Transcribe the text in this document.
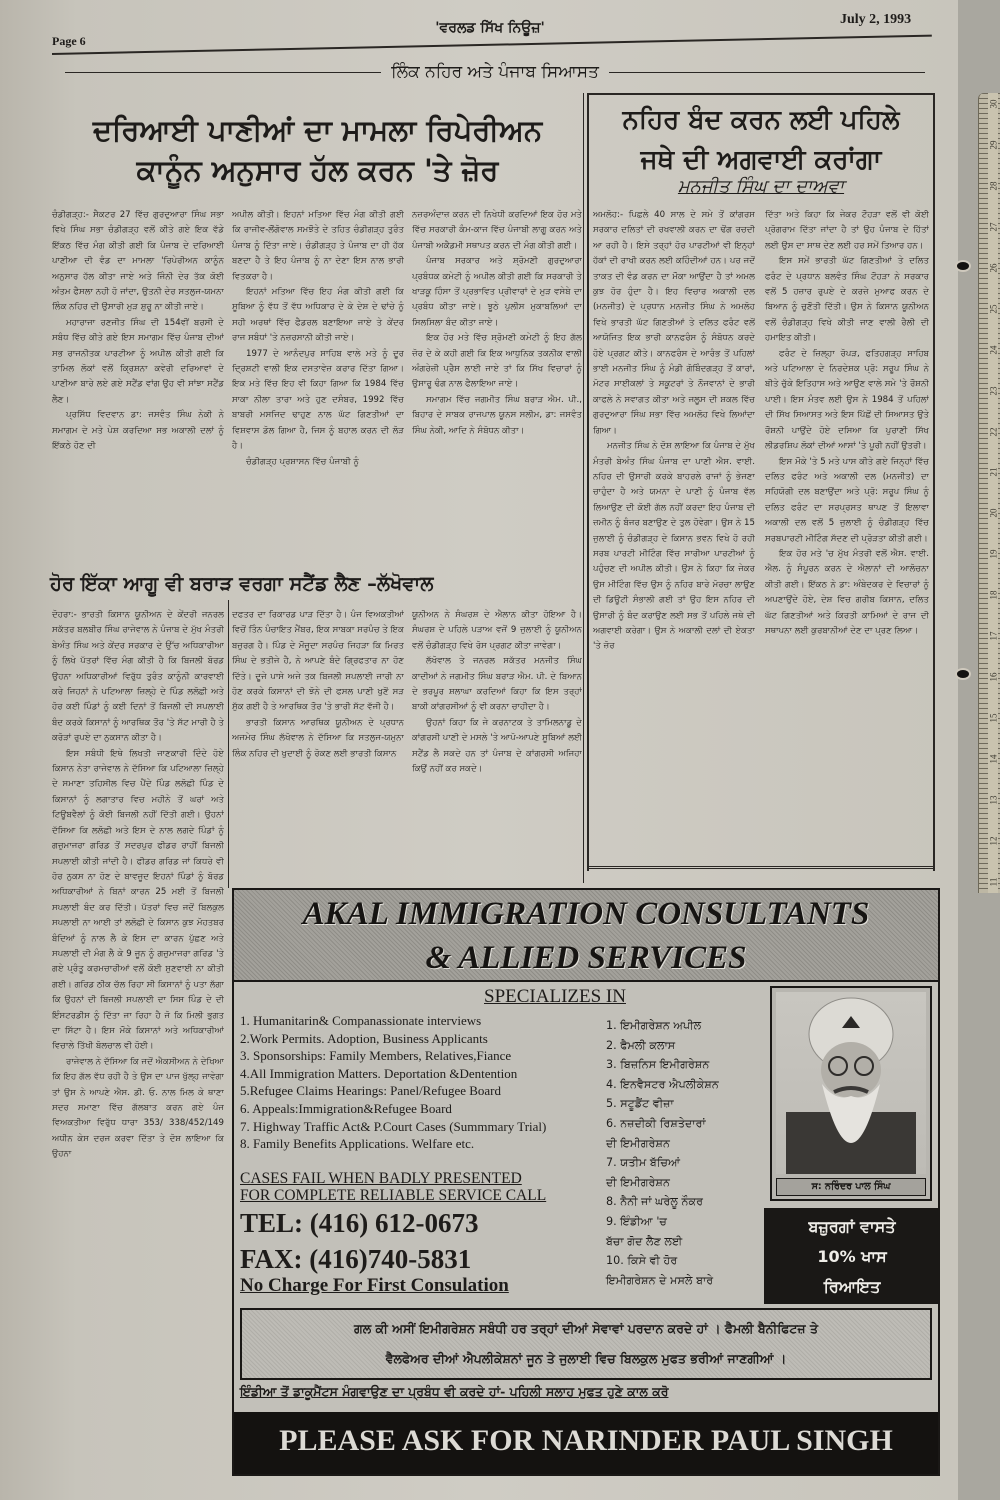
30
29
28
27
26
25
24
23
22
21
20
19
18
17
16
15
14
13
12
11
Page 6
'ਵਰਲਡ ਸਿੱਖ ਨਿਊਜ਼'
July 2, 1993
ਲਿੰਕ ਨਹਿਰ ਅਤੇ ਪੰਜਾਬ ਸਿਆਸਤ
ਦਰਿਆਈ ਪਾਣੀਆਂ ਦਾ ਮਾਮਲਾ ਰਿਪੇਰੀਅਨ
ਕਾਨੂੰਨ ਅਨੁਸਾਰ ਹੱਲ ਕਰਨ 'ਤੇ ਜ਼ੋਰ

ਚੰਡੀਗੜ੍ਹ:- ਸੈਕਟਰ 27 ਵਿੱਚ ਗੁਰਦੁਆਰਾ ਸਿੰਘ ਸਭਾ ਵਿਖੇ ਸਿੰਘ ਸਭਾ ਚੰਡੀਗੜ੍ਹ ਵਲੋਂ ਕੀਤੇ ਗਏ ਇਕ ਵੱਡੇ ਇੱਕਠ ਵਿੱਚ ਮੰਗ ਕੀਤੀ ਗਈ ਕਿ ਪੰਜਾਬ ਦੇ ਦਰਿਆਈ ਪਾਣੀਆ ਦੀ ਵੰਡ ਦਾ ਮਾਮਲਾ 'ਰਿਪੇਰੀਅਨ ਕਾਨੂੰਨ ਅਨੁਸਾਰ ਹੱਲ ਕੀਤਾ ਜਾਏ ਅਤੇ ਜਿੰਨੀ ਦੇਰ ਤੱਕ ਕੋਈ ਅੰਤਮ ਫੈਸਲਾ ਨਹੀ ਹੋ ਜਾਂਦਾ, ਉਤਨੀ ਦੇਰ ਸਤਲੁਜ-ਯਮਨਾ ਲਿੰਕ ਨਹਿਰ ਦੀ ਉਸਾਰੀ ਮੁੜ ਸ਼ੁਰੂ ਨਾ ਕੀਤੀ ਜਾਏ।

ਮਹਾਰਾਜਾ ਰਣਜੀਤ ਸਿੰਘ ਦੀ 154ਵੀਂ ਬਰਸੀ ਦੇ ਸਬੰਧ ਵਿੱਚ ਕੀਤੇ ਗਏ ਇਸ ਸਮਾਗਮ ਵਿੱਚ ਪੰਜਾਬ ਦੀਆਂ ਸਭ ਰਾਜਨੀਤਕ ਪਾਰਟੀਆ ਨੂੰ ਅਪੀਲ ਕੀਤੀ ਗਈ ਕਿ ਤਾਮਿਲ ਲੋਕਾਂ ਵਲੋਂ ਕ੍ਰਿਸ਼ਨਾ ਕਵੇਰੀ ਦਰਿਆਵਾਂ ਦੇ ਪਾਣੀਆ ਬਾਰੇ ਲਏ ਗਏ ਸਟੈਂਡ ਵਾਂਗ ਉਹ ਵੀ ਸਾਂਝਾ ਸਟੈਂਡ ਲੈਣ।

ਪ੍ਰਸਿੱਧ ਵਿਦਵਾਨ ਡਾ: ਜਸਵੰਤ ਸਿੰਘ ਨੇਕੀ ਨੇ ਸਮਾਗਮ ਦੇ ਮਤੇ ਪੇਸ਼ ਕਰਦਿਆ ਸਭ ਅਕਾਲੀ ਦਲਾਂ ਨੂੰ ਇੱਕਠੇ ਹੋਣ ਦੀ

ਅਪੀਲ ਕੀਤੀ। ਇਹਨਾਂ ਮਤਿਆ ਵਿੱਚ ਮੰਗ ਕੀਤੀ ਗਈ ਕਿ ਰਾਜੀਵ-ਲੌਂਗੋਵਾਲ ਸਮਝੌਤੇ ਦੇ ਤਹਿਤ ਚੰਡੀਗੜ੍ਹ ਤੁਰੰਤ ਪੰਜਾਬ ਨੂੰ ਦਿੱਤਾ ਜਾਏ। ਚੰਡੀਗੜ੍ਹ ਤੇ ਪੰਜਾਬ ਦਾ ਹੀ ਹੱਕ ਬਣਦਾ ਹੈ ਤੇ ਇਹ ਪੰਜਾਬ ਨੂੰ ਨਾ ਦੇਣਾ ਇਸ ਨਾਲ ਭਾਰੀ ਵਿਤਕਰਾ ਹੈ।

ਇਹਨਾਂ ਮਤਿਆ ਵਿੱਚ ਇਹ ਮੰਗ ਕੀਤੀ ਗਈ ਕਿ ਸੂਬਿਆ ਨੂੰ ਵੱਧ ਤੋਂ ਵੱਧ ਅਧਿਕਾਰ ਦੇ ਕੇ ਦੇਸ਼ ਦੇ ਢਾਂਚੇ ਨੂੰ ਸਹੀ ਅਰਥਾਂ ਵਿੱਚ ਫੈਡਰਲ ਬਣਾਇਆ ਜਾਏ ਤੇ ਕੇਂਦਰ ਰਾਜ ਸਬੰਧਾਂ 'ਤੇ ਨਜ਼ਰਸਾਨੀ ਕੀਤੀ ਜਾਏ।

1977 ਦੇ ਆਨੰਦਪੁਰ ਸਾਹਿਬ ਵਾਲੇ ਮਤੇ ਨੂੰ ਦੂਰ ਦ੍ਰਿਸ਼ਟੀ ਵਾਲੀ ਇਕ ਦਸਤਾਵੇਜ਼ ਕਰਾਰ ਦਿੱਤਾ ਗਿਆ। ਇਕ ਮਤੇ ਵਿੱਚ ਇਹ ਵੀ ਕਿਹਾ ਗਿਆ ਕਿ 1984 ਵਿੱਚ ਸਾਕਾ ਨੀਲਾ ਤਾਰਾ ਅਤੇ ਹੁਣ ਦਸੰਬਰ, 1992 ਵਿੱਚ ਬਾਬਰੀ ਮਸਜਿਦ ਢਾਹੁਣ ਨਾਲ ਘੱਟ ਗਿਣਤੀਆਂ ਦਾ ਵਿਸ਼ਵਾਸ ਡੋਲ ਗਿਆ ਹੈ, ਜਿਸ ਨੂੰ ਬਹਾਲ ਕਰਨ ਦੀ ਲੋੜ ਹੈ।

ਚੰਡੀਗੜ੍ਹ ਪ੍ਰਸ਼ਾਸਨ ਵਿੱਚ ਪੰਜਾਬੀ ਨੂੰ

ਨਜ਼ਰਅੰਦਾਜ਼ ਕਰਨ ਦੀ ਨਿਖੇਧੀ ਕਰਦਿਆਂ ਇਕ ਹੋਰ ਮਤੇ ਵਿੱਚ ਸਰਕਾਰੀ ਕੰਮ-ਕਾਜ ਵਿੱਚ ਪੰਜਾਬੀ ਲਾਗੂ ਕਰਨ ਅਤੇ ਪੰਜਾਬੀ ਅਕੈਡਮੀ ਸਥਾਪਤ ਕਰਨ ਦੀ ਮੰਗ ਕੀਤੀ ਗਈ।

ਪੰਜਾਬ ਸਰਕਾਰ ਅਤੇ ਸ਼੍ਰੋਮਣੀ ਗੁਰਦੁਆਰਾ ਪ੍ਰਬੰਧਕ ਕਮੇਟੀ ਨੂੰ ਅਪੀਲ ਕੀਤੀ ਗਈ ਕਿ ਸਰਕਾਰੀ ਤੇ ਖਾੜਕੂ ਹਿੰਸਾ ਤੋਂ ਪ੍ਰਭਾਵਿਤ ਪ੍ਰੀਵਾਰਾਂ ਦੇ ਮੁੜ ਵਸੇਬੇ ਦਾ ਪ੍ਰਬੰਧ ਕੀਤਾ ਜਾਏ। ਝੂਠੇ ਪੁਲੀਸ ਮੁਕਾਬਲਿਆਂ ਦਾ ਸਿਲਸਿਲਾ ਬੰਦ ਕੀਤਾ ਜਾਏ।

ਇਕ ਹੋਰ ਮਤੇ ਵਿੱਚ ਸ਼੍ਰੋਮਣੀ ਕਮੇਟੀ ਨੂੰ ਇਹ ਗੱਲ ਜ਼ੋਰ ਦੇ ਕੇ ਕਹੀ ਗਈ ਕਿ ਇਕ ਆਧੁਨਿਕ ਤਕਨੀਕ ਵਾਲੀ ਅੰਗਰੇਜ਼ੀ ਪ੍ਰੈਸ ਲਾਈ ਜਾਏ ਤਾਂ ਕਿ ਸਿੱਖ ਵਿਚਾਰਾਂ ਨੂੰ ਉਸਾਰੂ ਢੰਗ ਨਾਲ ਫੈਲਾਇਆ ਜਾਏ।

ਸਮਾਗਮ ਵਿੱਚ ਜਗਮੀਤ ਸਿੰਘ ਬਰਾੜ ਐਮ. ਪੀ., ਬਿਹਾਰ ਦੇ ਸਾਬਕ ਰਾਜਪਾਲ ਯੂਨਸ ਸਲੀਮ, ਡਾ: ਜਸਵੰਤ ਸਿੰਘ ਨੇਕੀ, ਆਦਿ ਨੇ ਸੰਬੋਧਨ ਕੀਤਾ।

ਹੋਰ ਇੱਕਾ ਆਗੂ ਵੀ ਬਰਾੜ ਵਰਗਾ ਸਟੈਂਡ ਲੈਣ –ਲੱਖੋਵਾਲ

ਦੋਹਰਾ:- ਭਾਰਤੀ ਕਿਸਾਨ ਯੂਨੀਅਨ ਦੇ ਕੇਂਦਰੀ ਜਨਰਲ ਸਕੱਤਰ ਬਲਬੀਰ ਸਿੰਘ ਰਾਜੇਵਾਲ ਨੇ ਪੰਜਾਬ ਦੇ ਮੁੱਖ ਮੰਤਰੀ ਬੇਅੰਤ ਸਿੰਘ ਅਤੇ ਕੇਂਦਰ ਸਰਕਾਰ ਦੇ ਉੱਚ ਅਧਿਕਾਰੀਆ ਨੂੰ ਲਿਖੇ ਪੱਤਰਾਂ ਵਿੱਚ ਮੰਗ ਕੀਤੀ ਹੈ ਕਿ ਬਿਜਲੀ ਬੋਰਡ ਉਹਨਾ ਅਧਿਕਾਰੀਆਂ ਵਿਰੁੱਧ ਤੁਰੰਤ ਕਾਨੂੰਨੀ ਕਾਰਵਾਈ ਕਰੇ ਜਿਹਨਾਂ ਨੇ ਪਟਿਆਲਾ ਜ਼ਿਲ੍ਹੇ ਦੇ ਪਿੰਡ ਲਲੋਛੀ ਅਤੇ ਹੋਰ ਕਈ ਪਿੰਡਾਂ ਨੂੰ ਕਈ ਦਿਨਾਂ ਤੋਂ ਬਿਜਲੀ ਦੀ ਸਪਲਾਈ ਬੰਦ ਕਰਕੇ ਕਿਸਾਨਾਂ ਨੂੰ ਆਰਥਿਕ ਤੌਰ 'ਤੇ ਸੱਟ ਮਾਰੀ ਹੈ ਤੇ ਕਰੋੜਾਂ ਰੁਪਏ ਦਾ ਨੁਕਸਾਨ ਕੀਤਾ ਹੈ।

ਇਸ ਸਬੰਧੀ ਇਥੇ ਲਿਖਤੀ ਜਾਣਕਾਰੀ ਦਿੰਦੇ ਹੋਏ ਕਿਸਾਨ ਨੇਤਾ ਰਾਜੇਵਾਲ ਨੇ ਦੱਸਿਆ ਕਿ ਪਟਿਆਲਾ ਜ਼ਿਲ੍ਹੇ ਦੇ ਸਮਾਣਾ ਤਹਿਸੀਲ ਵਿਚ ਪੈਂਦੇ ਪਿੰਡ ਲਲੋਛੀ ਪਿੰਡ ਦੇ ਕਿਸਾਨਾਂ ਨੂੰ ਲਗਾਤਾਰ ਵਿਚ ਮਹੀਨੇ ਤੋਂ ਘਰਾਂ ਅਤੇ ਟਿਊਬਵੈਲਾਂ ਨੂੰ ਕੋਈ ਬਿਜਲੀ ਨਹੀਂ ਦਿੱਤੀ ਗਈ। ਉਹਨਾਂ ਦੱਸਿਆ ਕਿ ਲਲੋਛੀ ਅਤੇ ਇਸ ਦੇ ਨਾਲ ਲਗਦੇ ਪਿੰਡਾਂ ਨੂੰ ਗਜ਼ੁਮਾਜਰਾ ਗਰਿਡ ਤੋਂ ਸਦਰਪੁਰ ਫੀਡਰ ਰਾਹੀਂ ਬਿਜਲੀ ਸਪਲਾਈ ਕੀਤੀ ਜਾਂਦੀ ਹੈ। ਫੀਡਰ ਗਰਿਡ ਜਾਂ ਕਿਧਰੇ ਵੀ ਹੋਰ ਨੁਕਸ ਨਾ ਹੋਣ ਦੇ ਬਾਵਜੂਦ ਇਹਨਾਂ ਪਿੰਡਾਂ ਨੂੰ ਬੋਰਡ ਅਧਿਕਾਰੀਆਂ ਨੇ ਬਿਨਾਂ ਕਾਰਨ 25 ਮਈ ਤੋਂ ਬਿਜਲੀ ਸਪਲਾਈ ਬੰਦ ਕਰ ਦਿੱਤੀ। ਪੱਤਰਾਂ ਵਿਚ ਜਦੋਂ ਬਿਲਕੁਲ ਸਪਲਾਈ ਨਾ ਆਈ ਤਾਂ ਲਲੋਛੀ ਦੇ ਕਿਸਾਨ ਕੁਝ ਮੋਹਤਬਰ ਬੰਦਿਆਂ ਨੂੰ ਨਾਲ ਲੈ ਕੇ ਇਸ ਦਾ ਕਾਰਨ ਪੁੱਛਣ ਅਤੇ ਸਪਲਾਈ ਦੀ ਮੰਗ ਲੈ ਕੇ 9 ਜੂਨ ਨੂੰ ਗਜ਼ੁਮਾਜਰਾ ਗਰਿਡ 'ਤੇ ਗਏ ਪ੍ਰੰਤੂ ਕਰਮਚਾਰੀਆਂ ਵਲੋਂ ਕੋਈ ਸੁਣਵਾਈ ਨਾ ਕੀਤੀ ਗਈ। ਗਰਿਡ ਠੀਕ ਚੱਲ ਰਿਹਾ ਸੀ ਕਿਸਾਨਾਂ ਨੂੰ ਪਤਾ ਲੱਗਾ ਕਿ ਉਹਨਾਂ ਦੀ ਬਿਜਲੀ ਸਪਲਾਈ ਦਾ ਸਿਸ ਪਿੰਡ ਦੇ ਦੀ ਇੰਸਟਰਡੀਸ ਨੂੰ ਦਿੱਤਾ ਜਾ ਰਿਹਾ ਹੈ ਜੋ ਕਿ ਮਿਲੀ ਭੁਗਤ ਦਾ ਸਿੱਟਾ ਹੈ। ਇਸ ਮੌਕੇ ਕਿਸਾਨਾਂ ਅਤੇ ਅਧਿਕਾਰੀਆਂ ਵਿਚਾਲੇ ਤਿੱਖੀ ਬੋਲਚਾਲ ਵੀ ਹੋਈ।

ਰਾਜੇਵਾਲ ਨੇ ਦੱਸਿਆ ਕਿ ਜਦੋਂ ਐਕਸੀਅਨ ਨੇ ਦੇਖਿਆ ਕਿ ਇਹ ਗੱਲ ਵੱਧ ਰਹੀ ਹੈ ਤੇ ਉਸ ਦਾ ਪਾਜ ਖੁੱਲ੍ਹ ਜਾਵੇਗਾ ਤਾਂ ਉਸ ਨੇ ਆਪਣੇ ਐਸ. ਡੀ. ਓ. ਨਾਲ ਮਿਲ ਕੇ ਥਾਣਾ ਸਦਰ ਸਮਾਣਾ ਵਿੱਚ ਗੱਲਬਾਤ ਕਰਨ ਗਏ ਪੰਜ ਵਿਅਕਤੀਆ ਵਿਰੁੱਧ ਧਾਰਾ 353/ 338/452/149 ਅਧੀਨ ਕੇਸ ਦਰਜ ਕਰਵਾ ਦਿੱਤਾ ਤੇ ਦੋਸ਼ ਲਾਇਆ ਕਿ ਉਹਨਾ

ਦਫਤਰ ਦਾ ਰਿਕਾਰਡ ਪਾੜ ਦਿੱਤਾ ਹੈ। ਪੰਜ ਵਿਅਕਤੀਆਂ ਵਿਚੋਂ ਤਿੰਨ ਪੰਚਾਇਤ ਮੈਂਬਰ, ਇਕ ਸਾਬਕਾ ਸਰਪੰਚ ਤੇ ਇਕ ਬਜ਼ੁਰਗ ਹੈ। ਪਿੰਡ ਦੇ ਮੌਜੂਦਾ ਸਰਪੰਚ ਜਿਹੜਾ ਕਿ ਮਿਰਤ ਸਿੰਘ ਦੇ ਭਤੀਜੇ ਹੈ, ਨੇ ਆਪਣੇ ਬੰਦੇ ਗ੍ਰਿਫਤਾਰ ਨਾ ਹੋਣ ਦਿੱਤੇ। ਦੂਜੇ ਪਾਸੇ ਅਜੇ ਤਕ ਬਿਜਲੀ ਸਪਲਾਈ ਜਾਰੀ ਨਾ ਹੋਣ ਕਰਕੇ ਕਿਸਾਨਾਂ ਦੀ ਝੋਨੇ ਦੀ ਫਸਲ ਪਾਣੀ ਖੁਣੋਂ ਸੜ ਸੁੱਕ ਗਈ ਹੈ ਤੇ ਆਰਥਿਕ ਤੌਰ 'ਤੇ ਭਾਰੀ ਸੱਟ ਵੱਜੀ ਹੈ।

ਭਾਰਤੀ ਕਿਸਾਨ ਆਰਥਿਕ ਯੂਨੀਅਨ ਦੇ ਪ੍ਰਧਾਨ ਅਜਮੇਰ ਸਿੰਘ ਲੱਖੋਵਾਲ ਨੇ ਦੱਸਿਆ ਕਿ ਸਤਲੁਜ-ਯਮੁਨਾ ਲਿੰਕ ਨਹਿਰ ਦੀ ਖੁਦਾਈ ਨੂੰ ਰੋਕਣ ਲਈ ਭਾਰਤੀ ਕਿਸਾਨ

ਯੂਨੀਅਨ ਨੇ ਸੰਘਰਸ਼ ਦੇ ਐਲਾਨ ਕੀਤਾ ਹੋਇਆ ਹੈ। ਸੰਘਰਸ਼ ਦੇ ਪਹਿਲੇ ਪੜਾਅ ਵਜੋਂ 9 ਜੁਲਾਈ ਨੂੰ ਯੂਨੀਅਨ ਵਲੋਂ ਚੰਡੀਗੜ੍ਹ ਵਿਖੇ ਰੋਸ ਪ੍ਰਗਟ ਕੀਤਾ ਜਾਵੇਗਾ।

ਲੱਖੋਵਾਲ ਤੇ ਜਨਰਲ ਸਕੱਤਰ ਮਨਜੀਤ ਸਿੰਘ ਕਾਦੀਆਂ ਨੇ ਜਗਮੀਤ ਸਿੰਘ ਬਰਾੜ ਐਮ. ਪੀ. ਦੇ ਬਿਆਨ ਦੇ ਭਰਪੂਰ ਸ਼ਲਾਘਾ ਕਰਦਿਆਂ ਕਿਹਾ ਕਿ ਇਸ ਤਰ੍ਹਾਂ ਬਾਕੀ ਕਾਂਗਰਸੀਆਂ ਨੂੰ ਵੀ ਕਰਨਾ ਚਾਹੀਦਾ ਹੈ।

ਉਹਨਾਂ ਕਿਹਾ ਕਿ ਜੇ ਕਰਨਾਟਕ ਤੇ ਤਾਮਿਲਨਾਡੂ ਦੇ ਕਾਂਗਰਸੀ ਪਾਣੀ ਦੇ ਮਸਲੇ 'ਤੇ ਆਪੋ-ਆਪਣੇ ਸੂਬਿਆਂ ਲਈ ਸਟੈਂਡ ਲੈ ਸਕਦੇ ਹਨ ਤਾਂ ਪੰਜਾਬ ਦੇ ਕਾਂਗਰਸੀ ਅਜਿਹਾ ਕਿਉਂ ਨਹੀਂ ਕਰ ਸਕਦੇ।

ਨਹਿਰ ਬੰਦ ਕਰਨ ਲਈ ਪਹਿਲੇ
ਜਥੇ ਦੀ ਅਗਵਾਈ ਕਰਾਂਗਾ
ਮਨਜੀਤ ਸਿੰਘ ਦਾ ਦਾਅਵਾ

ਅਮਲੋਹ:- ਪਿਛਲੇ 40 ਸਾਲ ਦੇ ਸਮੇ ਤੋਂ ਕਾਂਗਰਸ ਸਰਕਾਰ ਦਲਿਤਾਂ ਦੀ ਰਖਵਾਲੀ ਕਰਨ ਦਾ ਢੋਂਗ ਰਚਦੀ ਆ ਰਹੀ ਹੈ। ਇਸੇ ਤਰ੍ਹਾਂ ਹੋਰ ਪਾਰਟੀਆਂ ਵੀ ਇਨ੍ਹਾਂ ਹੱਕਾਂ ਦੀ ਰਾਖੀ ਕਰਨ ਲਈ ਕਹਿੰਦੀਆਂ ਹਨ। ਪਰ ਜਦੋਂ ਤਾਕਤ ਦੀ ਵੰਡ ਕਰਨ ਦਾ ਮੌਕਾ ਆਉਂਦਾ ਹੈ ਤਾਂ ਅਮਲ ਕੁਝ ਹੋਰ ਹੁੰਦਾ ਹੈ। ਇਹ ਵਿਚਾਰ ਅਕਾਲੀ ਦਲ (ਮਨਜੀਤ) ਦੇ ਪ੍ਰਧਾਨ ਮਨਜੀਤ ਸਿੰਘ ਨੇ ਅਮਲੋਹ ਵਿਖੇ ਭਾਰਤੀ ਘੱਟ ਗਿਣਤੀਆਂ ਤੇ ਦਲਿਤ ਫਰੰਟ ਵਲੋਂ ਆਯੋਜਿਤ ਇਕ ਭਾਰੀ ਕਾਨਫਰੰਸ ਨੂੰ ਸੰਬੋਧਨ ਕਰਦੇ ਹੋਏ ਪ੍ਰਗਟ ਕੀਤੇ। ਕਾਨਫਰੰਸ ਦੇ ਆਰੰਭ ਤੋਂ ਪਹਿਲਾਂ ਭਾਈ ਮਨਜੀਤ ਸਿੰਘ ਨੂੰ ਮੰਡੀ ਗੋਬਿੰਦਗੜ੍ਹ ਤੋਂ ਕਾਰਾਂ, ਮੋਟਰ ਸਾਈਕਲਾਂ ਤੇ ਸਕੂਟਰਾਂ ਤੇ ਨੌਜਵਾਨਾਂ ਦੇ ਭਾਰੀ ਕਾਫਲੇ ਨੇ ਸਵਾਗਤ ਕੀਤਾ ਅਤੇ ਜਲੂਸ ਦੀ ਸ਼ਕਲ ਵਿੱਚ ਗੁਰਦੁਆਰਾ ਸਿੰਘ ਸਭਾ ਵਿੱਚ ਅਮਲੋਹ ਵਿਖੇ ਲਿਆਂਦਾ ਗਿਆ।

ਮਨਜੀਤ ਸਿੰਘ ਨੇ ਦੋਸ਼ ਲਾਇਆ ਕਿ ਪੰਜਾਬ ਦੇ ਮੁੱਖ ਮੰਤਰੀ ਬੇਅੰਤ ਸਿੰਘ ਪੰਜਾਬ ਦਾ ਪਾਣੀ ਐਸ. ਵਾਈ. ਨਹਿਰ ਦੀ ਉਸਾਰੀ ਕਰਕੇ ਬਾਹਰਲੇ ਰਾਜਾਂ ਨੂੰ ਭੇਜਣਾ ਚਾਹੁੰਦਾ ਹੈ ਅਤੇ ਯਮਨਾ ਦੇ ਪਾਣੀ ਨੂੰ ਪੰਜਾਬ ਵੱਲ ਲਿਆਉਣ ਦੀ ਕੋਈ ਗੱਲ ਨਹੀਂ ਕਰਦਾ ਇਹ ਪੰਜਾਬ ਦੀ ਜ਼ਮੀਨ ਨੂੰ ਬੰਜਰ ਬਣਾਉਣ ਦੇ ਤੁਲ ਹੋਵੇਗਾ। ਉਸ ਨੇ 15 ਜੁਲਾਈ ਨੂੰ ਚੰਡੀਗੜ੍ਹ ਦੇ ਕਿਸਾਨ ਭਵਨ ਵਿਖੇ ਹੋ ਰਹੀ ਸਰਬ ਪਾਰਟੀ ਮੀਟਿੰਗ ਵਿੱਚ ਸਾਰੀਆ ਪਾਰਟੀਆਂ ਨੂੰ ਪਹੁੰਚਣ ਦੀ ਅਪੀਲ ਕੀਤੀ। ਉਸ ਨੇ ਕਿਹਾ ਕਿ ਜੇਕਰ ਉਸ ਮੀਟਿੰਗ ਵਿੱਚ ਉਸ ਨੂੰ ਨਹਿਰ ਬਾਰੇ ਮੋਰਚਾ ਲਾਉਣ ਦੀ ਡਿਊਟੀ ਸੰਭਾਲੀ ਗਈ ਤਾਂ ਉਹ ਇਸ ਨਹਿਰ ਦੀ ਉਸਾਰੀ ਨੂੰ ਬੰਦ ਕਰਾਉਣ ਲਈ ਸਭ ਤੋਂ ਪਹਿਲੇ ਜਥੇ ਦੀ ਅਗਵਾਈ ਕਰੇਗਾ। ਉਸ ਨੇ ਅਕਾਲੀ ਦਲਾਂ ਦੀ ਏਕਤਾ 'ਤੇ ਜ਼ੋਰ

ਦਿੱਤਾ ਅਤੇ ਕਿਹਾ ਕਿ ਜੇਕਰ ਟੌਹੜਾ ਵਲੋਂ ਵੀ ਕੋਈ ਪ੍ਰੋਗਰਾਮ ਦਿੱਤਾ ਜਾਂਦਾ ਹੈ ਤਾਂ ਉਹ ਪੰਜਾਬ ਦੇ ਹਿੱਤਾਂ ਲਈ ਉਸ ਦਾ ਸਾਥ ਦੇਣ ਲਈ ਹਰ ਸਮੇਂ ਤਿਆਰ ਹਨ।

ਇਸ ਸਮੇਂ ਭਾਰਤੀ ਘੱਟ ਗਿਣਤੀਆਂ ਤੇ ਦਲਿਤ ਫਰੰਟ ਦੇ ਪ੍ਰਧਾਨ ਬਲਵੰਤ ਸਿੰਘ ਟੌਹੜਾ ਨੇ ਸਰਕਾਰ ਵਲੋਂ 5 ਹਜ਼ਾਰ ਰੁਪਏ ਦੇ ਕਰਜ਼ੇ ਮੁਆਫ ਕਰਨ ਦੇ ਬਿਆਨ ਨੂੰ ਚੁਣੌਤੀ ਦਿੱਤੀ। ਉਸ ਨੇ ਕਿਸਾਨ ਯੂਨੀਅਨ ਵਲੋਂ ਚੰਡੀਗੜ੍ਹ ਵਿਖੇ ਕੀਤੀ ਜਾਣ ਵਾਲੀ ਰੈਲੀ ਦੀ ਹਮਾਇਤ ਕੀਤੀ।

ਫਰੰਟ ਦੇ ਜ਼ਿਲ੍ਹਾ ਰੋਪੜ, ਫਤਿਹਗੜ੍ਹ ਸਾਹਿਬ ਅਤੇ ਪਟਿਆਲਾ ਦੇ ਨਿਰਦੇਸ਼ਕ ਪ੍ਰੋ: ਸਰੂਪ ਸਿੰਘ ਨੇ ਬੀਤੇ ਚੁੱਕੇ ਇਤਿਹਾਸ ਅਤੇ ਆਉਣ ਵਾਲੇ ਸਮੇ 'ਤੇ ਰੌਸ਼ਨੀ ਪਾਈ। ਇਸ ਮੰਤਵ ਲਈ ਉਸ ਨੇ 1984 ਤੋਂ ਪਹਿਲਾਂ ਦੀ ਸਿੱਖ ਸਿਆਸਤ ਅਤੇ ਇਸ ਪਿੱਛੋਂ ਦੀ ਸਿਆਸਤ ਉਤੇ ਰੌਸ਼ਨੀ ਪਾਉਂਦੇ ਹੋਏ ਦਸਿਆ ਕਿ ਪੁਰਾਣੀ ਸਿੱਖ ਲੀਡਰਸ਼ਿਪ ਲੋਕਾਂ ਦੀਆਂ ਆਸਾਂ 'ਤੇ ਪੂਰੀ ਨਹੀਂ ਉਤਰੀ।

ਇਸ ਮੌਕੇ 'ਤੇ 5 ਮਤੇ ਪਾਸ ਕੀਤੇ ਗਏ ਜਿਨ੍ਹਾਂ ਵਿੱਚ ਦਲਿਤ ਫਰੰਟ ਅਤੇ ਅਕਾਲੀ ਦਲ (ਮਨਜੀਤ) ਦਾ ਸਹਿਯੋਗੀ ਦਲ ਬਣਾਉਂਦਾ ਅਤੇ ਪ੍ਰੋ: ਸਰੂਪ ਸਿੰਘ ਨੂੰ ਦਲਿਤ ਫਰੰਟ ਦਾ ਸਰਪ੍ਰਸਤ ਥਾਪਣ ਤੋਂ ਇਲਾਵਾ ਅਕਾਲੀ ਦਲ ਵਲੋਂ 5 ਜੁਲਾਈ ਨੂੰ ਚੰਡੀਗੜ੍ਹ ਵਿੱਚ ਸਰਬਪਾਰਟੀ ਮੀਟਿੰਗ ਸੱਦਣ ਦੀ ਪ੍ਰੋੜਤਾ ਕੀਤੀ ਗਈ।

ਇਕ ਹੋਰ ਮਤੇ 'ਚ ਮੁੱਖ ਮੰਤਰੀ ਵਲੋਂ ਐਸ. ਵਾਈ. ਐਲ. ਨੂੰ ਸੰਪੂਰਨ ਕਰਨ ਦੇ ਐਲਾਨਾਂ ਦੀ ਆਲੋਚਨਾ ਕੀਤੀ ਗਈ। ਇੱਕਠ ਨੇ ਡਾ: ਅੰਬੇਦਕਰ ਦੇ ਵਿਚਾਰਾਂ ਨੂੰ ਅਪਣਾਉਂਦੇ ਹੋਏ, ਦੇਸ਼ ਵਿਚ ਗਰੀਬ ਕਿਸਾਨ, ਦਲਿਤ ਘੱਟ ਗਿਣਤੀਆਂ ਅਤੇ ਕਿਰਤੀ ਕਾਮਿਆਂ ਦੇ ਰਾਜ ਦੀ ਸਥਾਪਨਾ ਲਈ ਕੁਰਬਾਨੀਆਂ ਦੇਣ ਦਾ ਪ੍ਰਣ ਲਿਆ।

AKAL IMMIGRATION CONSULTANTS
& ALLIED SERVICES
SPECIALIZES IN
1. Humanitarin& Companassionate interviews
2.Work Permits. Adoption, Business Applicants
3. Sponsorships: Family Members, Relatives,Fiance
4.All Immigration Matters. Deportation &Dentention
5.Refugee Claims Hearings: Panel/Refugee Board
6. Appeals:Immigration&Refugee Board
7. Highway Traffic Act& P.Court Cases (Summmary Trial)
8. Family Benefits Applications. Welfare etc.
1. ਇਮੀਗਰੇਸ਼ਨ ਅਪੀਲ
2. ਫੈਮਲੀ ਕਲਾਸ
3. ਬਿਜ਼ਨਿਸ ਇਮੀਗਰੇਸ਼ਨ
4. ਇਨਵੈਸਟਰ ਐਪਲੀਕੇਸ਼ਨ
5. ਸਟੂਡੈਂਟ ਵੀਜ਼ਾ
6. ਨਜ਼ਦੀਕੀ ਰਿਸ਼ਤੇਦਾਰਾਂ
ਦੀ ਇਮੀਗਰੇਸ਼ਨ
7. ਯਤੀਮ ਬੱਚਿਆਂ
ਦੀ ਇਮੀਗਰੇਸ਼ਨ
8. ਨੈਨੀ ਜਾਂ ਘਰੇਲੂ ਨੌਕਰ
9. ਇੰਡੀਆ 'ਚ
ਬੱਚਾ ਗੋਦ ਲੈਣ ਲਈ
10. ਕਿਸੇ ਵੀ ਹੋਰ
ਇਮੀਗਰੇਸ਼ਨ ਦੇ ਮਸਲੇ ਬਾਰੇ
CASES FAIL WHEN BADLY PRESENTED
FOR COMPLETE RELIABLE SERVICE CALL
TEL: (416) 612-0673
FAX: (416)740-5831
No Charge For First Consulation
ਸ: ਨਰਿੰਦਰ ਪਾਲ ਸਿੰਘ
ਬਜ਼ੁਰਗਾਂ ਵਾਸਤੇ
10% ਖਾਸ
ਰਿਆਇਤ
ਗਲ ਕੀ ਅਸੀਂ ਇਮੀਗਰੇਸ਼ਨ ਸਬੰਧੀ ਹਰ ਤਰ੍ਹਾਂ ਦੀਆਂ ਸੇਵਾਵਾਂ ਪਰਦਾਨ ਕਰਦੇ ਹਾਂ । ਫੈਮਲੀ ਬੈਨੀਫਿਟਜ਼ ਤੇ
ਵੈਲਫੇਅਰ ਦੀਆਂ ਐਪਲੀਕੇਸ਼ਨਾਂ ਜੂਨ ਤੇ ਜੁਲਾਈ ਵਿਚ ਬਿਲਕੁਲ ਮੁਫਤ ਭਰੀਆਂ ਜਾਣਗੀਆਂ ।
ਇੰਡੀਆ ਤੋਂ ਡਾਕੂਮੈਂਟਸ ਮੰਗਵਾਉਣ ਦਾ ਪ੍ਰਬੰਧ ਵੀ ਕਰਦੇ ਹਾਂ- ਪਹਿਲੀ ਸਲਾਹ ਮੁਫਤ ਹੁਣੇ ਕਾਲ ਕਰੋ
PLEASE ASK FOR NARINDER PAUL SINGH
